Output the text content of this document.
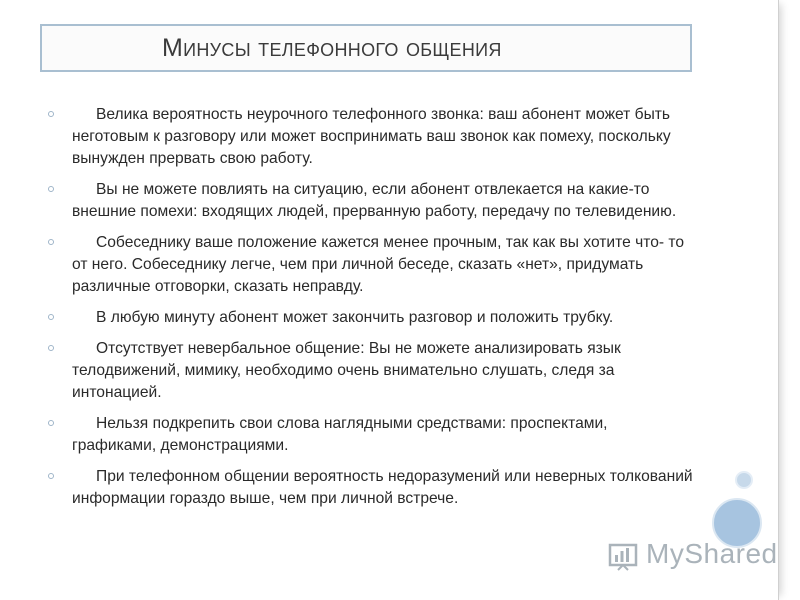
Минусы телефонного общения
Велика вероятность неурочного телефонного звонка: ваш абонент может быть неготовым к разговору или может воспринимать ваш звонок как помеху, поскольку вынужден прервать свою работу.
Вы не можете повлиять на ситуацию, если абонент отвлекается на какие-то внешние помехи: входящих людей, прерванную работу, передачу по телевидению.
Собеседнику ваше положение кажется менее прочным, так как вы хотите что- то от него. Собеседнику легче, чем при личной беседе, сказать «нет», придумать различные отговорки, сказать неправду.
В любую минуту абонент может закончить разговор и положить трубку.
Отсутствует невербальное общение: Вы не можете анализировать язык телодвижений, мимику, необходимо очень внимательно слушать, следя за интонацией.
Нельзя подкрепить свои слова наглядными средствами: проспектами, графиками, демонстрациями.
При телефонном общении вероятность недоразумений или неверных толкований информации гораздо выше, чем при личной встрече.
MyShared
